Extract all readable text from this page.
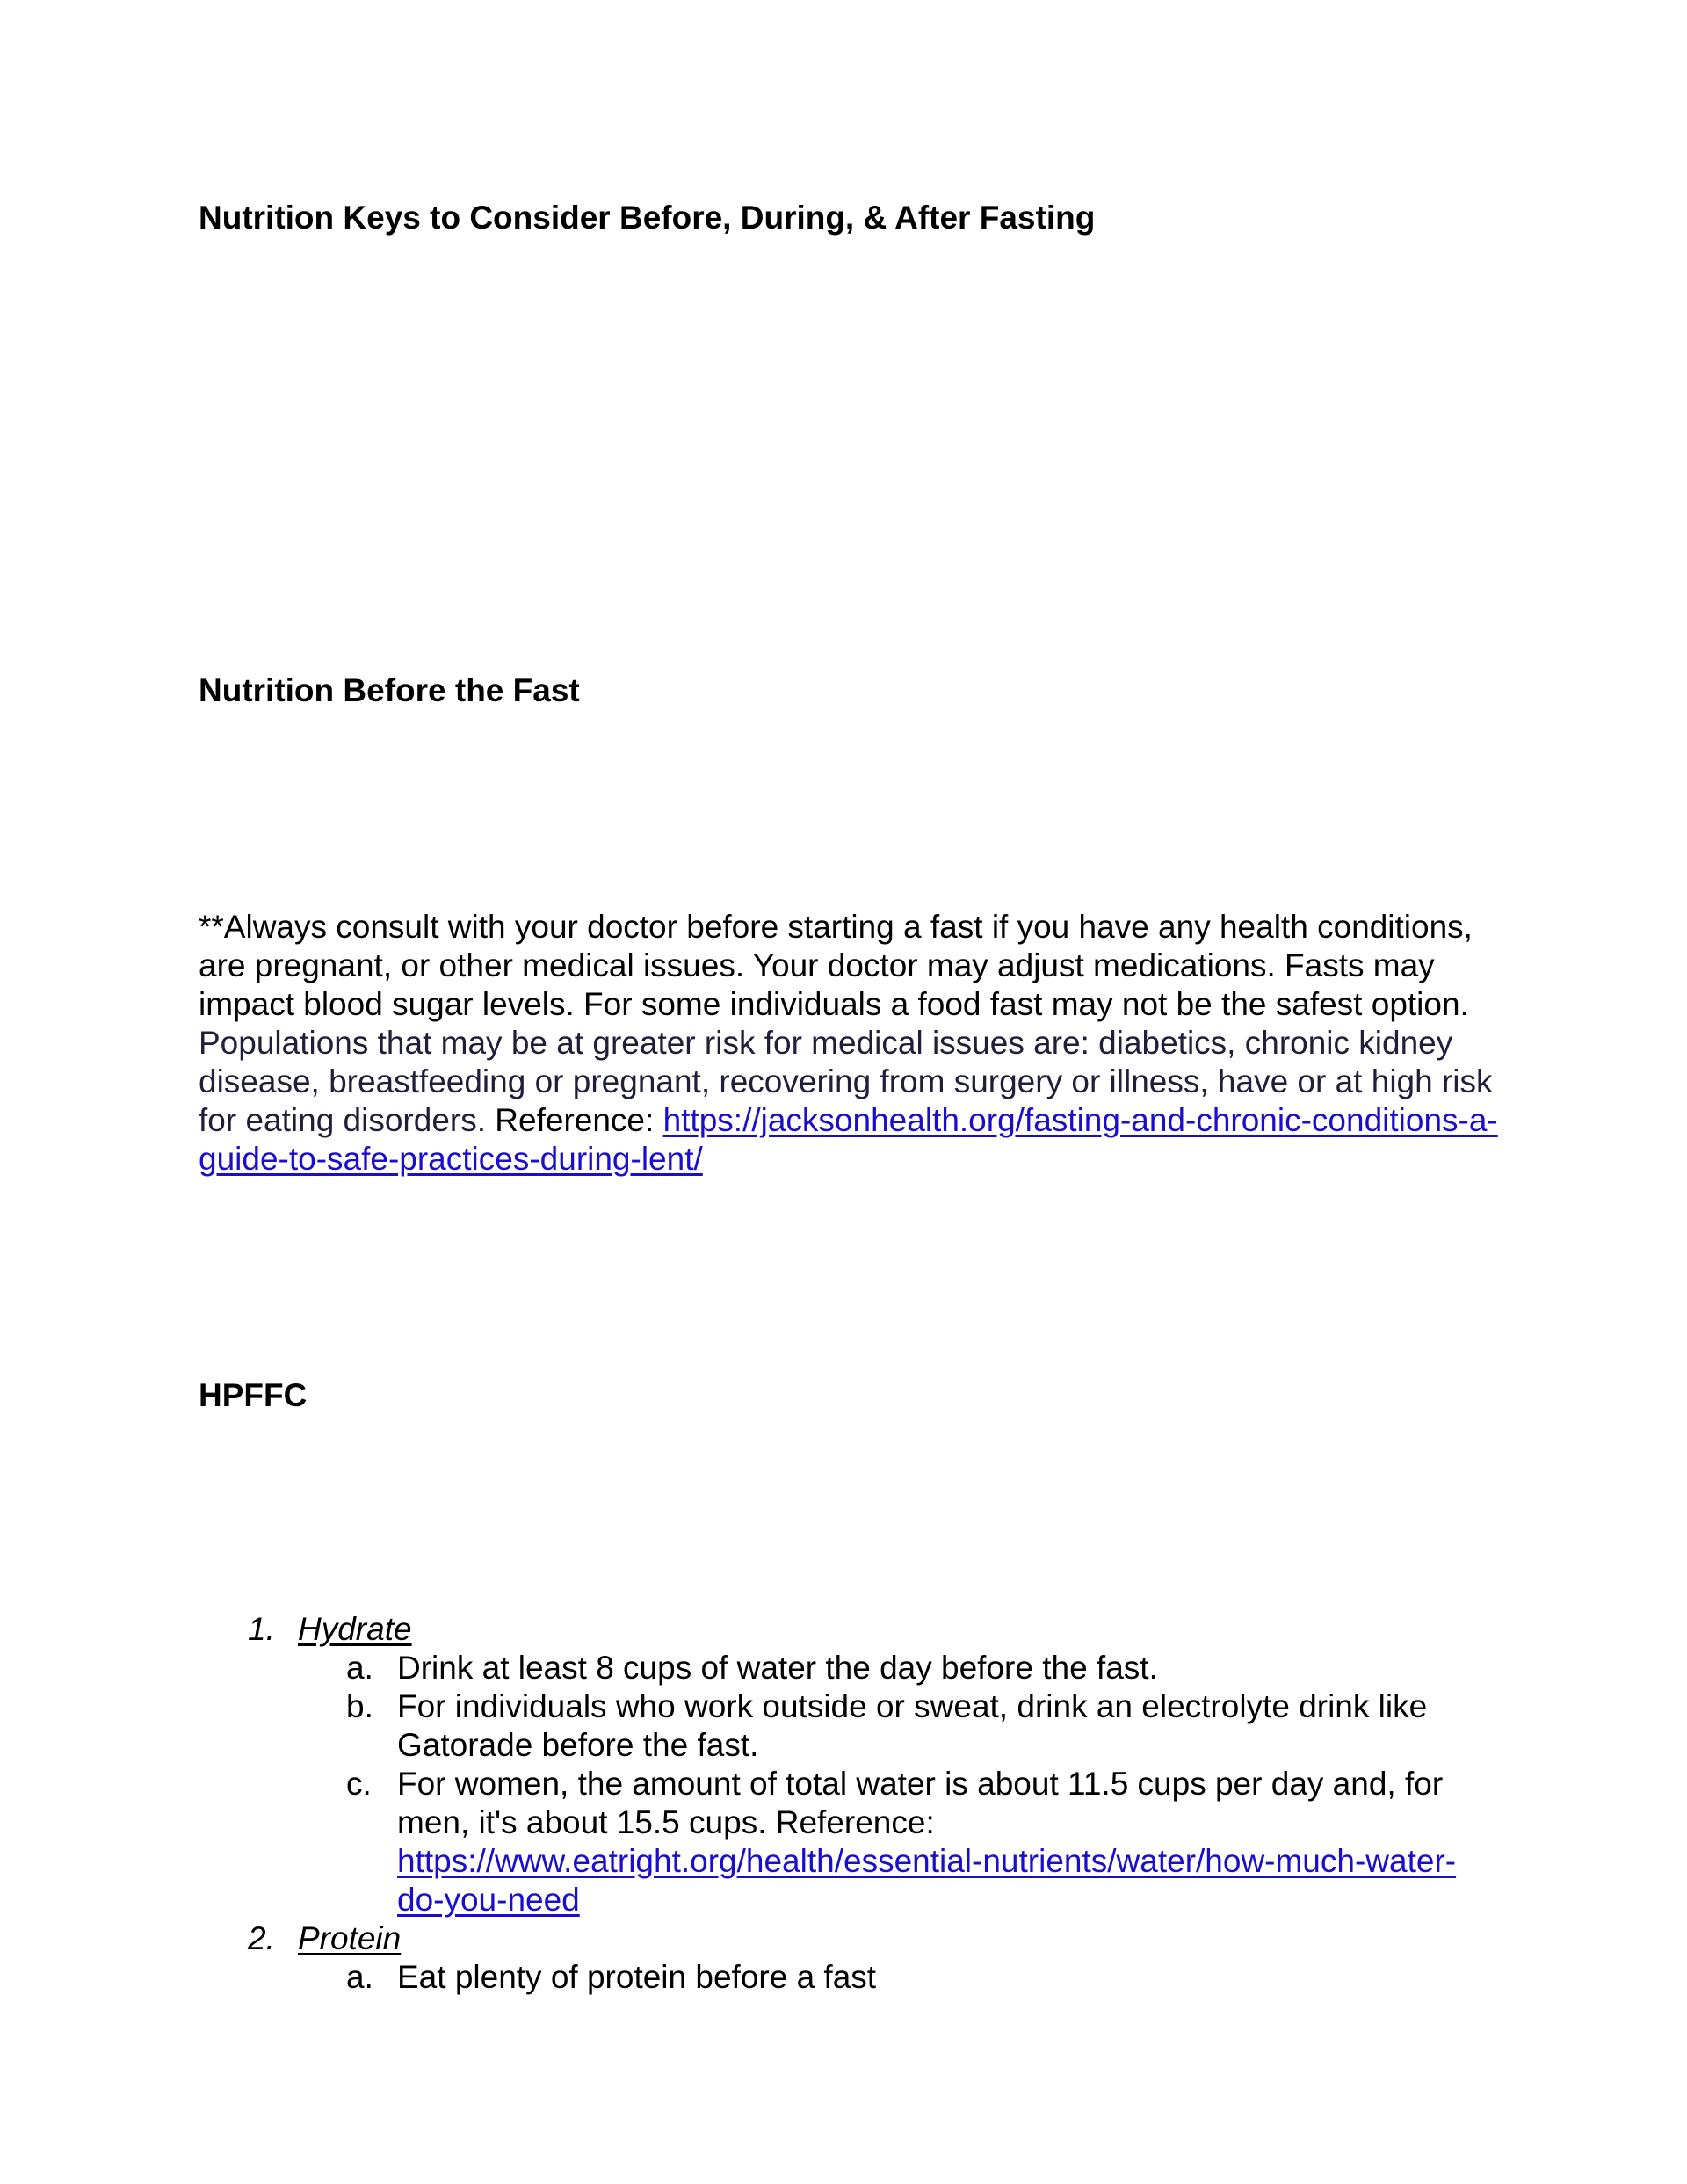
Nutrition Keys to Consider Before, During, & After Fasting
Nutrition Before the Fast

**Always consult with your doctor before starting a fast if you have any health conditions, are pregnant, or other medical issues. Your doctor may adjust medications. Fasts may impact blood sugar levels. For some individuals a food fast may not be the safest option. Populations that may be at greater risk for medical issues are: diabetics, chronic kidney disease, breastfeeding or pregnant, recovering from surgery or illness, have or at high risk for eating disorders. Reference: https://jacksonhealth.org/fasting-and-chronic-conditions-a-guide-to-safe-practices-during-lent/

HPFFC
1. Hydrate
a. Drink at least 8 cups of water the day before the fast.
b. For individuals who work outside or sweat, drink an electrolyte drink like Gatorade before the fast.
c. For women, the amount of total water is about 11.5 cups per day and, for men, it's about 15.5 cups. Reference: https://www.eatright.org/health/essential-nutrients/water/how-much-water-do-you-need
2. Protein
a. Eat plenty of protein before a fast
